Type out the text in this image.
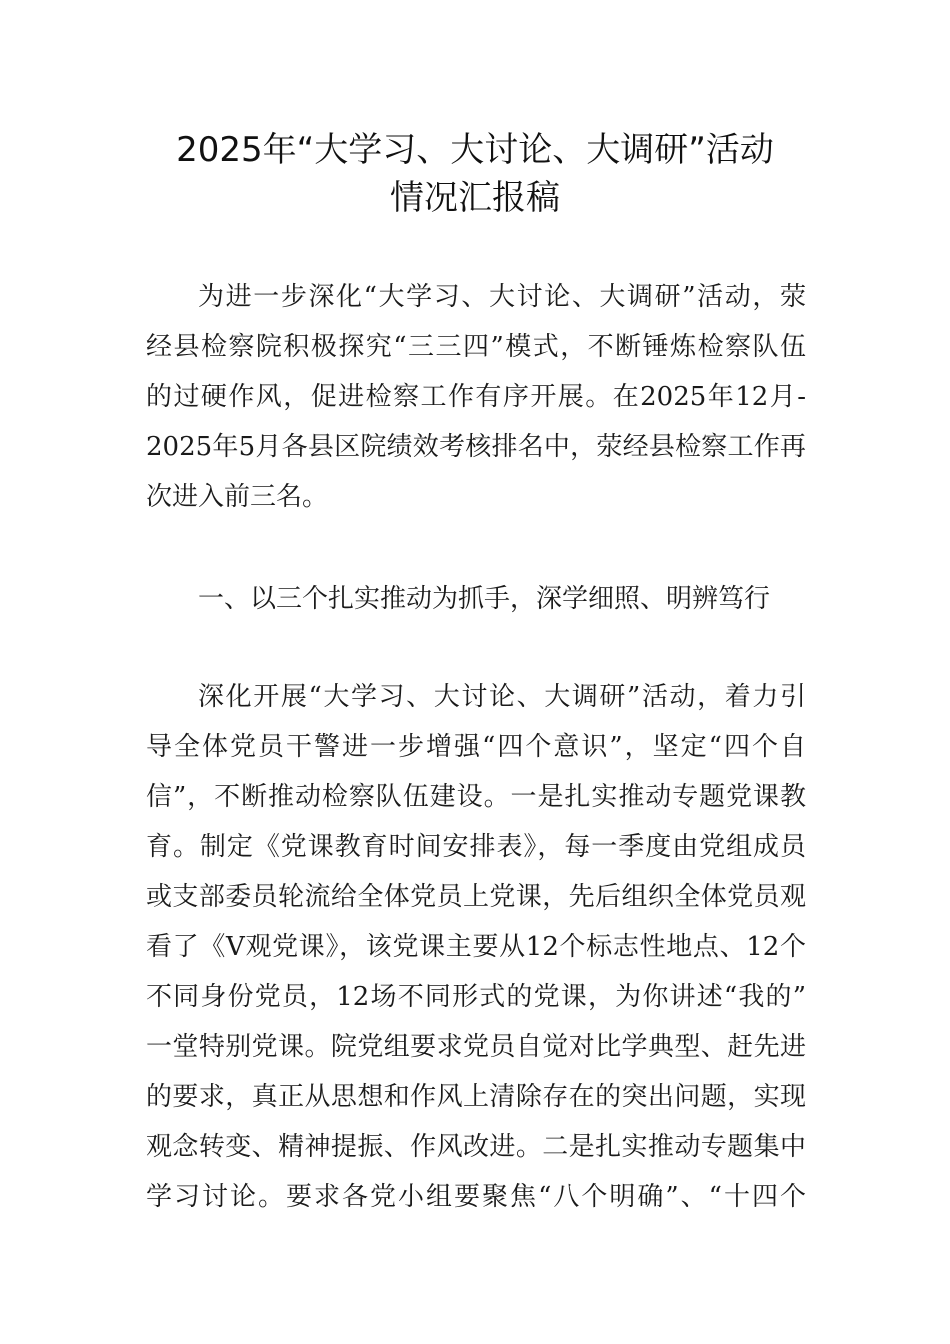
2025年“大学习、大讨论、大调研”活动
情况汇报稿
为进一步深化“大学习、大讨论、大调研”活动，荥
经县检察院积极探究“三三四”模式，不断锤炼检察队伍
的过硬作风，促进检察工作有序开展。在2025年12月-
2025年5月各县区院绩效考核排名中，荥经县检察工作再
次进入前三名。
一、以三个扎实推动为抓手，深学细照、明辨笃行
深化开展“大学习、大讨论、大调研”活动，着力引
导全体党员干警进一步增强“四个意识”，坚定“四个自
信”，不断推动检察队伍建设。一是扎实推动专题党课教
育。制定《党课教育时间安排表》，每一季度由党组成员
或支部委员轮流给全体党员上党课，先后组织全体党员观
看了《V观党课》，该党课主要从12个标志性地点、12个
不同身份党员，12场不同形式的党课，为你讲述“我的”
一堂特别党课。院党组要求党员自觉对比学典型、赶先进
的要求，真正从思想和作风上清除存在的突出问题，实现
观念转变、精神提振、作风改进。二是扎实推动专题集中
学习讨论。要求各党小组要聚焦“八个明确”、“十四个
